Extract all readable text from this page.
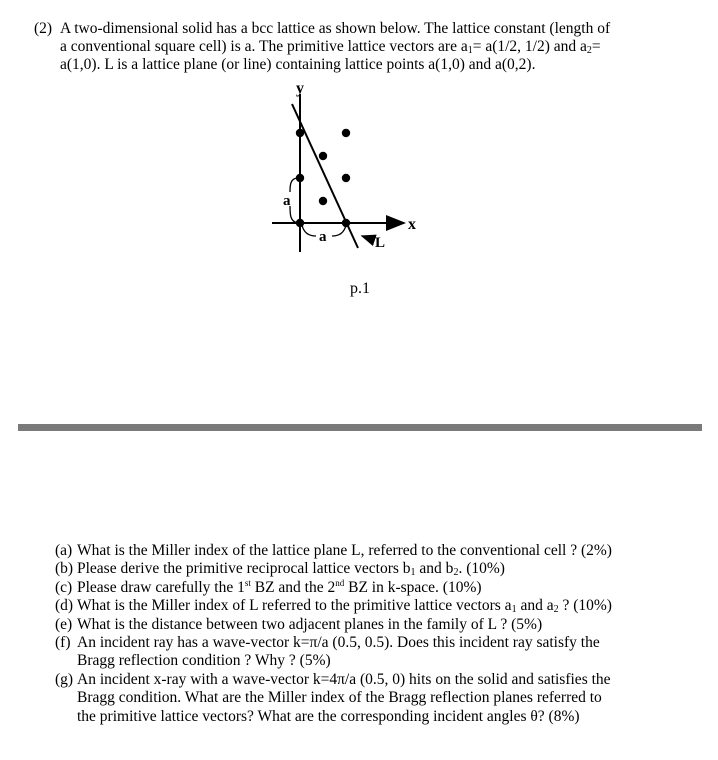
(2) A two-dimensional solid has a bcc lattice as shown below. The lattice constant (length of
a conventional square cell) is a. The primitive lattice vectors are $a_1= a(1/2$, 1/2) and $a_2=$
a(1,0). L is a lattice plane (or line) containing lattice points a(1,0) and a(0,2).
y
x
a
a	L
p.1
(a) What is the Miller index of the lattice plane L, referred to the conventional cell ? (2%)
(b) Please derive the primitive reciprocal lattice vectors $b_1$ and $b_2$. (10%)
(c) Please draw carefully the 1st BZ and the 2nd BZ in k-space. (10%)
(d) What is the Miller index of L referred to the primitive lattice vectors $a_1$ and $a_2$ ? (10%)
(e) What is the distance between two adjacent planes in the family of L ? (5%)
(f) An incident ray has a wave-vector k=π/a (0.5, 0.5). Does this incident ray satisfy the
Bragg reflection condition ? Why ? (5%)
(g) An incident x-ray with a wave-vector k=4π/a (0.5, 0) hits on the solid and satisfies the
Bragg condition. What are the Miller index of the Bragg reflection planes referred to
the primitive lattice vectors? What are the corresponding incident angles θ? (8%)
